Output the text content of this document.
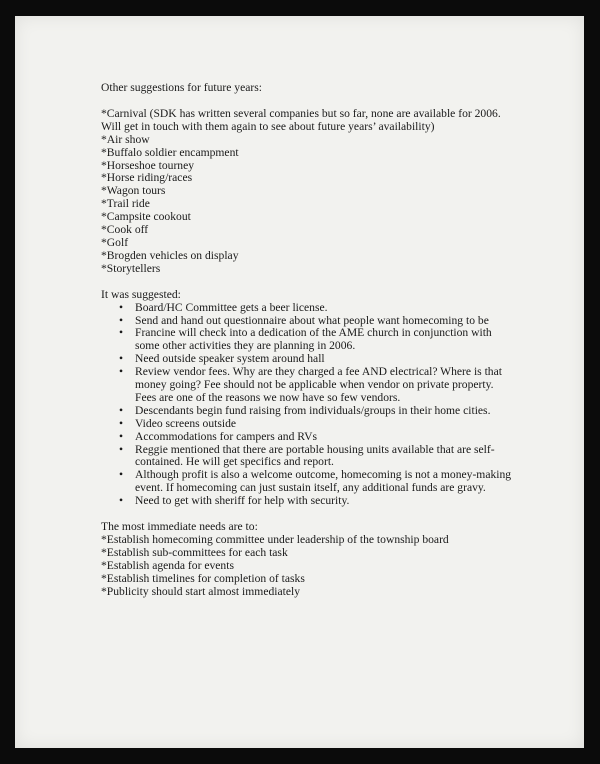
Other suggestions for future years:
*Carnival (SDK has written several companies but so far, none are available for 2006.
Will get in touch with them again to see about future years’ availability)
*Air show
*Buffalo soldier encampment
*Horseshoe tourney
*Horse riding/races
*Wagon tours
*Trail ride
*Campsite cookout
*Cook off
*Golf
*Brogden vehicles on display
*Storytellers
It was suggested:
• Board/HC Committee gets a beer license.
• Send and hand out questionnaire about what people want homecoming to be
• Francine will check into a dedication of the AME church in conjunction with
some other activities they are planning in 2006.
• Need outside speaker system around hall
• Review vendor fees. Why are they charged a fee AND electrical? Where is that
money going? Fee should not be applicable when vendor on private property.
Fees are one of the reasons we now have so few vendors.
• Descendants begin fund raising from individuals/groups in their home cities.
• Video screens outside
• Accommodations for campers and RVs
• Reggie mentioned that there are portable housing units available that are self-
contained. He will get specifics and report.
• Although profit is also a welcome outcome, homecoming is not a money-making
event. If homecoming can just sustain itself, any additional funds are gravy.
• Need to get with sheriff for help with security.
The most immediate needs are to:
*Establish homecoming committee under leadership of the township board
*Establish sub-committees for each task
*Establish agenda for events
*Establish timelines for completion of tasks
*Publicity should start almost immediately
